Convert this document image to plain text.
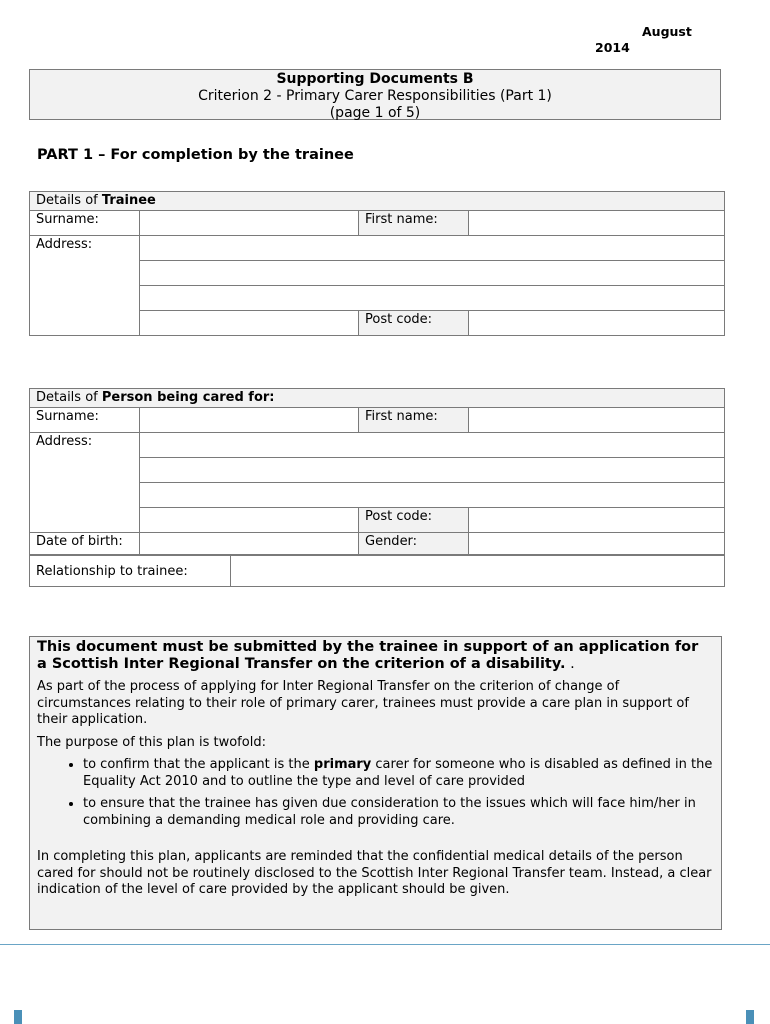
August
2014
Supporting Documents B
Criterion 2 - Primary Carer Responsibilities (Part 1)
(page 1 of 5)
PART 1 – For completion by the trainee
Details of Trainee			
Surname:		First name:	
Address:			

		Post code:	
Details of Person being cared for:			
Surname:		First name:	
Address:			

		Post code:	
Date of birth:		Gender:	
Relationship to trainee:	
This document must be submitted by the trainee in support of an application for a Scottish Inter Regional Transfer on the criterion of a disability. .

As part of the process of applying for Inter Regional Transfer on the criterion of change of circumstances relating to their role of primary carer, trainees must provide a care plan in support of their application.

The purpose of this plan is twofold:

• to confirm that the applicant is the primary carer for someone who is disabled as defined in the Equality Act 2010 and to outline the type and level of care provided
• to ensure that the trainee has given due consideration to the issues which will face him/her in combining a demanding medical role and providing care.

In completing this plan, applicants are reminded that the confidential medical details of the person cared for should not be routinely disclosed to the Scottish Inter Regional Transfer team. Instead, a clear indication of the level of care provided by the applicant should be given.
